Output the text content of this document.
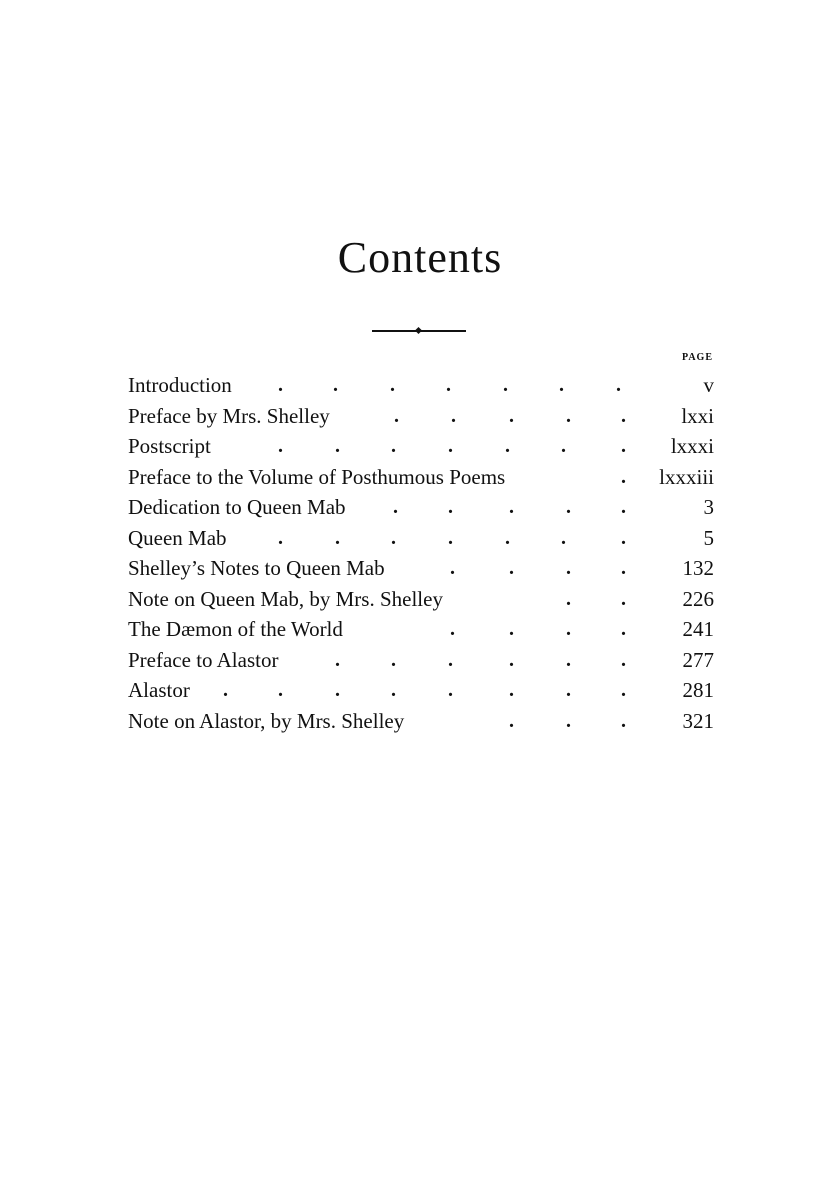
Contents
PAGE
Introduction .	.	.	.	.	.	.	v
Preface by Mrs. Shelley	.	.	.	.	.	lxxi
Postscript	.	.	.	.	.	.	. lxxxi
Preface to the Volume of Posthumous Poems	. lxxxiii
Dedication to Queen Mab .	.	.	.	.	3
Queen Mab	.	.	.	.	.	.	.	5
Shelley’s Notes to Queen Mab	.	.	.	.	132
Note on Queen Mab, by Mrs. Shelley	.	.	226
The Dæmon of the World	.	.	.	.	241
Preface to Alastor	.	.	.	.	.	.	277
Alastor .	.	.	.	.	.	.	.	281
Note on Alastor, by Mrs. Shelley	.	.	.	321
